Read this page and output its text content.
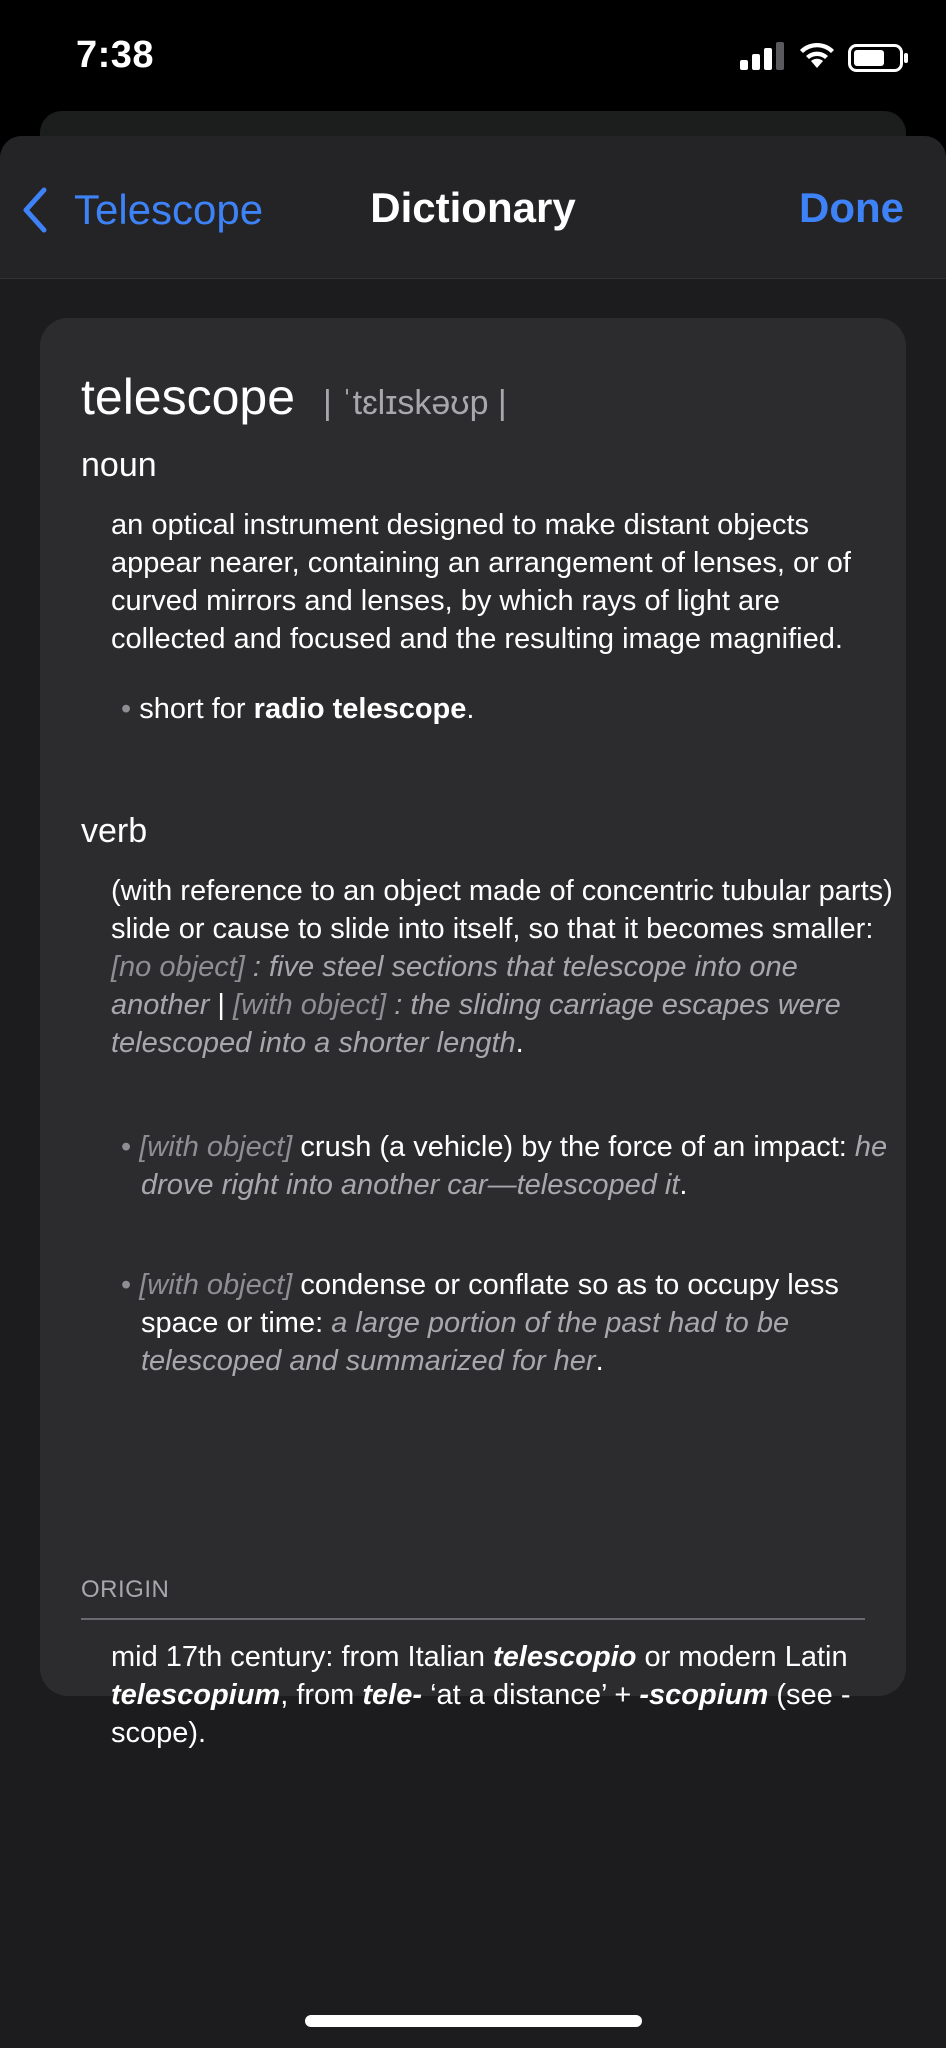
7:38
Telescope	Dictionary	Done
telescope | ˈtɛlɪskəʊp |
noun
an optical instrument designed to make distant objects appear nearer, containing an arrangement of lenses, or of curved mirrors and lenses, by which rays of light are collected and focused and the resulting image magnified.
• short for radio telescope.
verb
(with reference to an object made of concentric tubular parts) slide or cause to slide into itself, so that it becomes smaller: [no object] : five steel sections that telescope into one another | [with object] : the sliding carriage escapes were telescoped into a shorter length.
• [with object] crush (a vehicle) by the force of an impact: he drove right into another car—telescoped it.
• [with object] condense or conflate so as to occupy less space or time: a large portion of the past had to be telescoped and summarized for her.
ORIGIN
mid 17th century: from Italian telescopio or modern Latin telescopium, from tele- ‘at a distance’ + -scopium (see -scope).
